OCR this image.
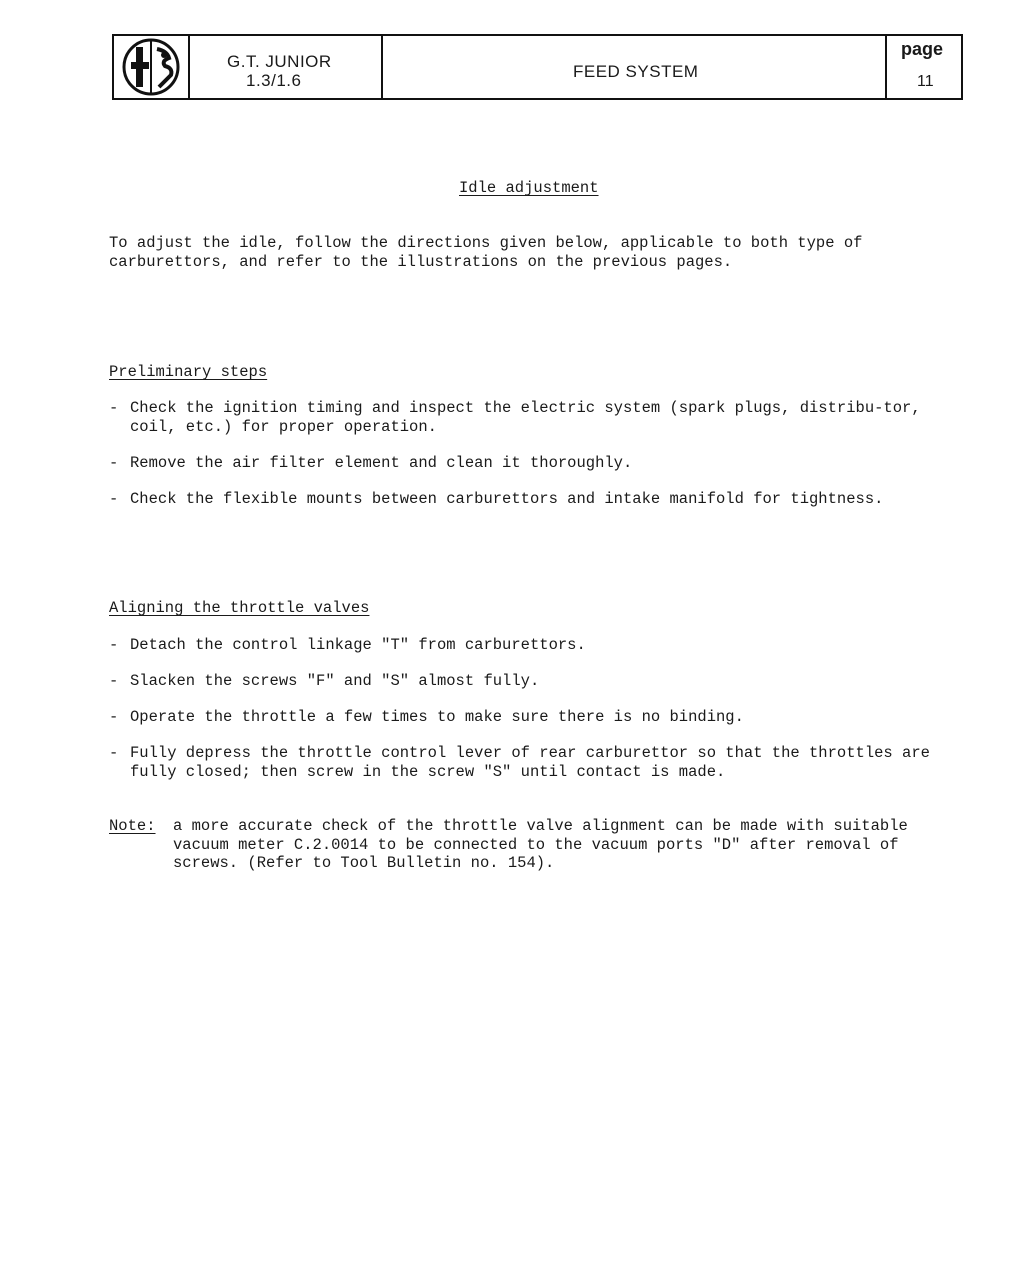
G.T. JUNIOR
1.3/1.6	FEED SYSTEM
page
11
Idle adjustment
To adjust the idle, follow the directions given below, applicable to both type of carburettors, and refer to the illustrations on the previous pages.
Preliminary steps
- Check the ignition timing and inspect the electric system (spark plugs, distribu-tor, coil, etc.) for proper operation.
- Remove the air filter element and clean it thoroughly.
- Check the flexible mounts between carburettors and intake manifold for tightness.
Aligning the throttle valves
- Detach the control linkage "T" from carburettors.
- Slacken the screws "F" and "S" almost fully.
- Operate the throttle a few times to make sure there is no binding.
- Fully depress the throttle control lever of rear carburettor so that the throttles are fully closed; then screw in the screw "S" until contact is made.
Note:	a more accurate check of the throttle valve alignment can be made with suitable vacuum meter C.2.0014 to be connected to the vacuum ports "D" after removal of screws. (Refer to Tool Bulletin no. 154).
